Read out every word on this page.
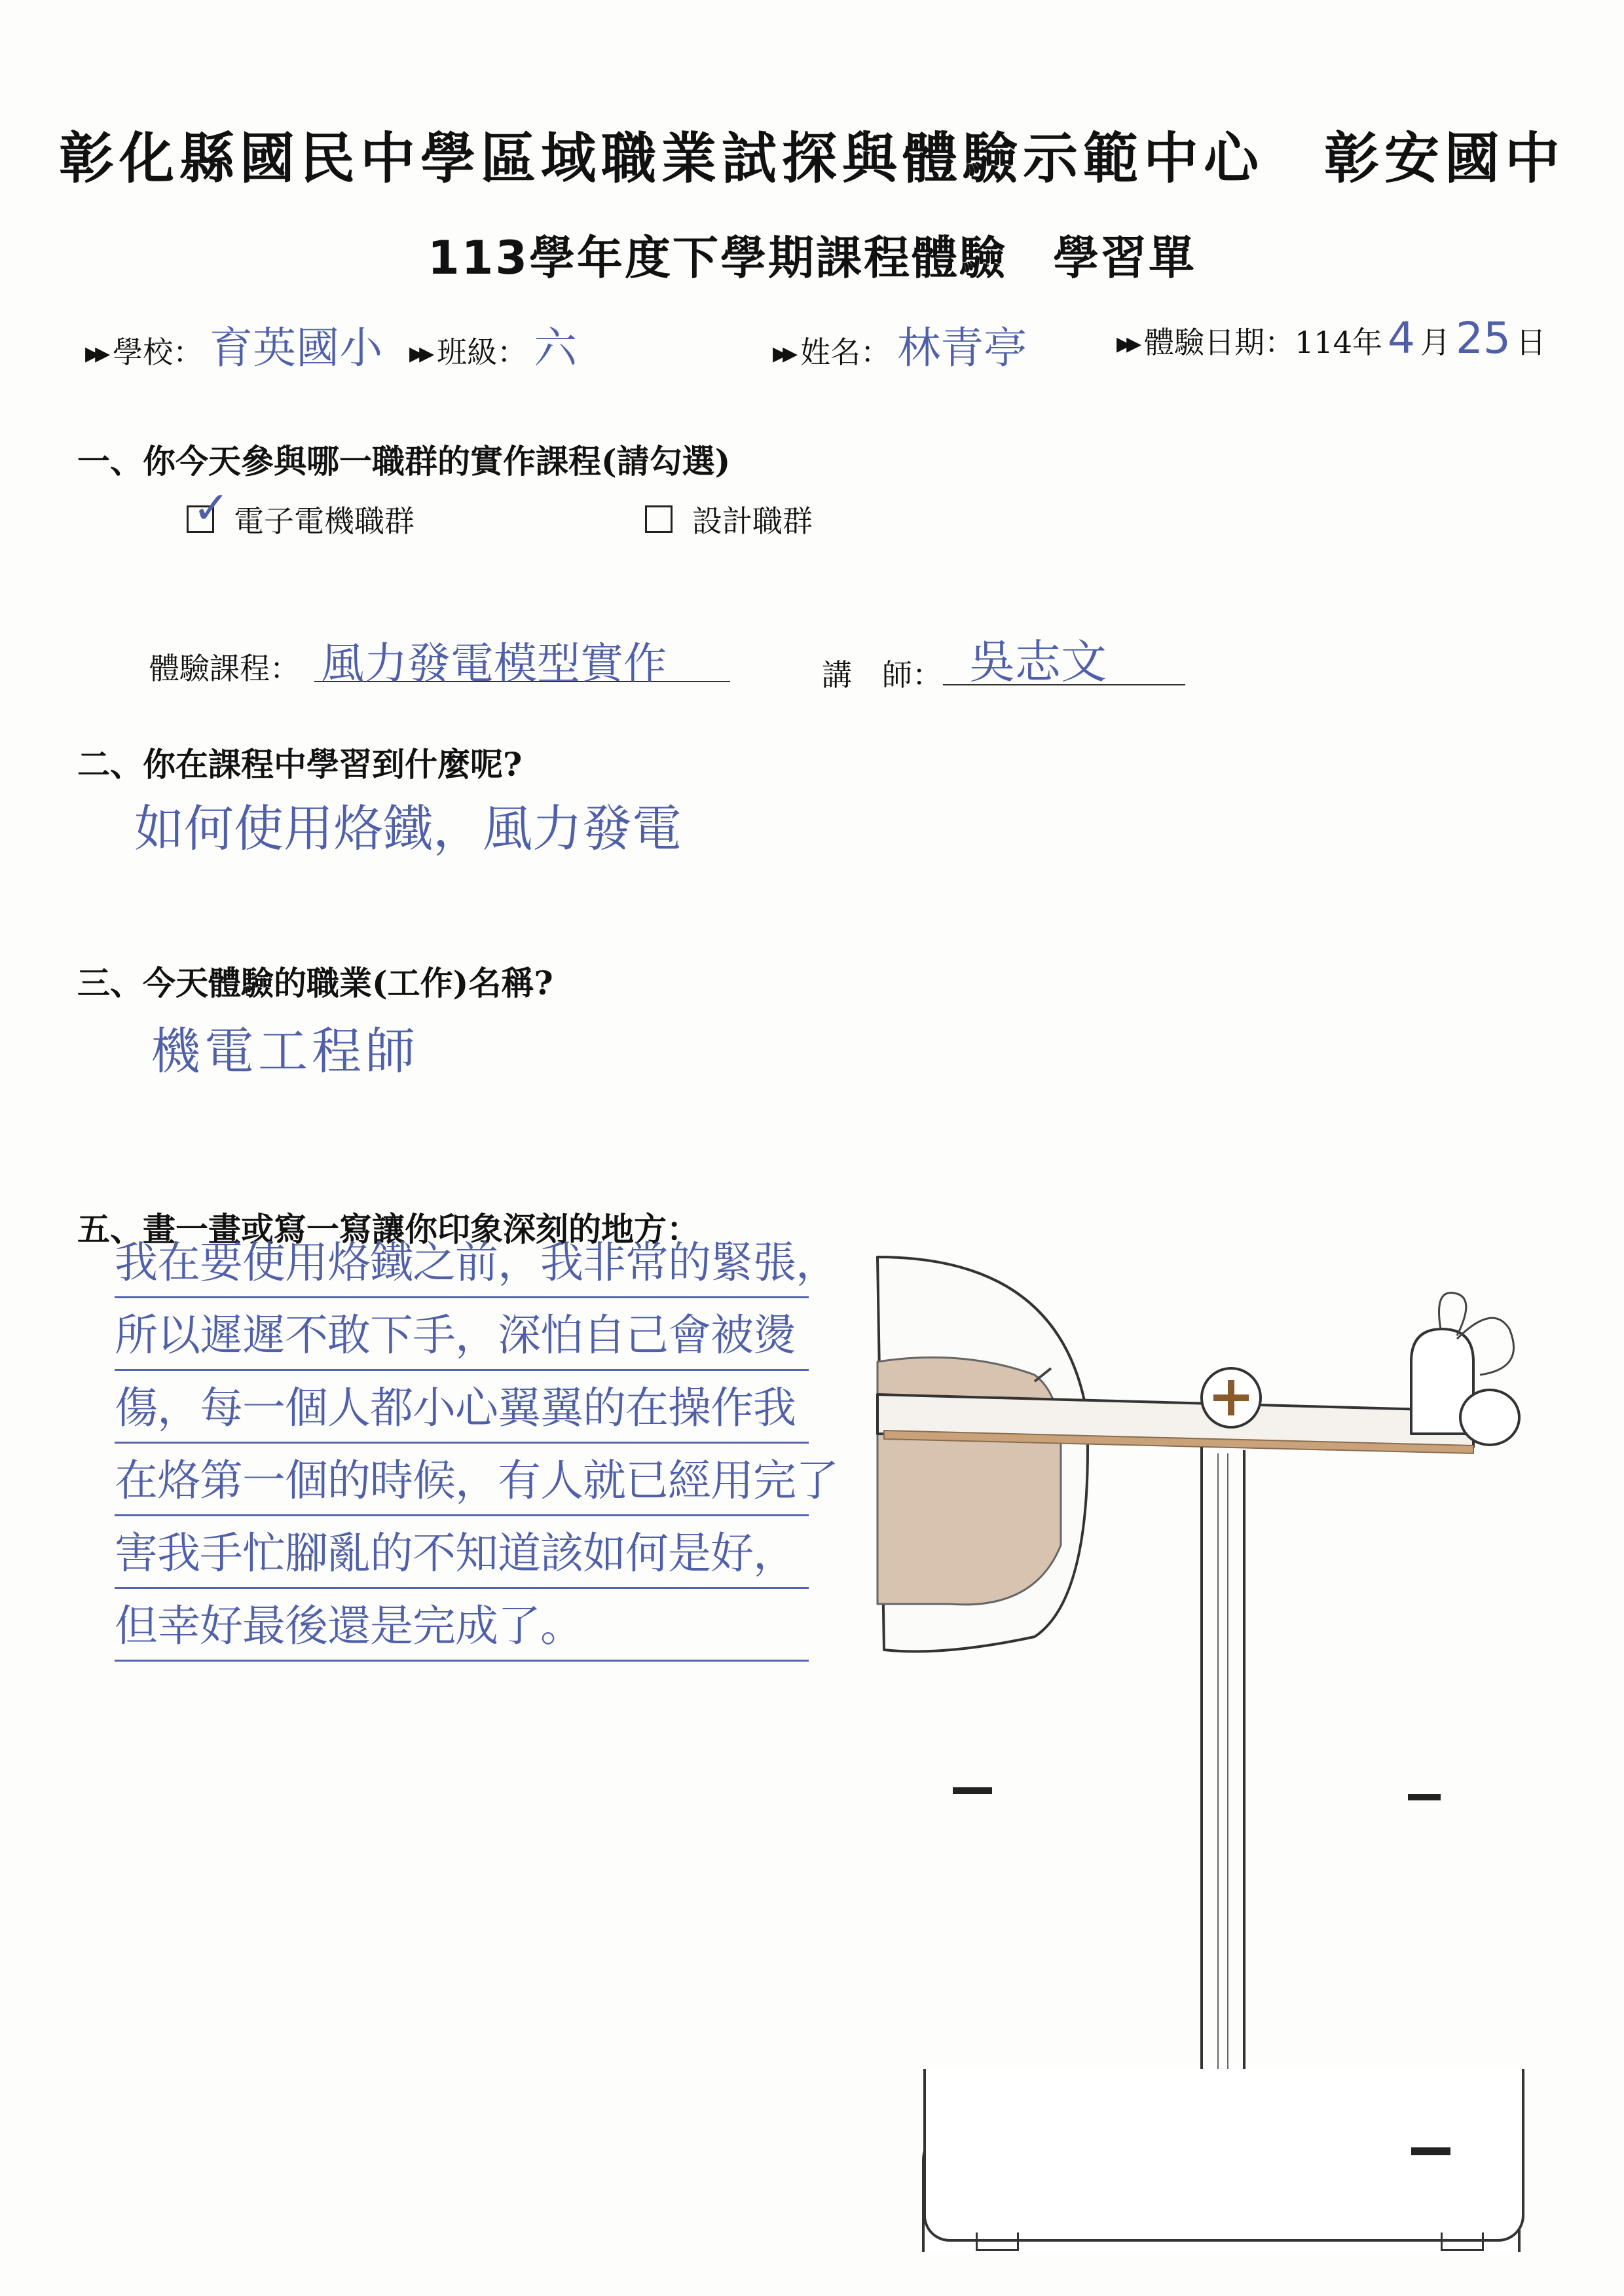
彰化縣國民中學區域職業試探與體驗示範中心　彰安國中
113學年度下學期課程體驗 學習單
▶▶ 學校： 育英國小 ▶▶ 班級： 六	▶▶ 姓名： 林青亭	▶▶ 體驗日期： 114年 4 月 25 日
一、你今天參與哪一職群的實作課程(請勾選)
✓ 電子電機職群	設計職群
體驗課程： 風力發電模型實作	講　師： 吳志文
二、你在課程中學習到什麼呢?
如何使用烙鐵，風力發電
三、今天體驗的職業(工作)名稱?
機電工程師
五、畫一畫或寫一寫讓你印象深刻的地方：
我在要使用烙鐵之前，我非常的緊張，
所以遲遲不敢下手，深怕自己會被燙
傷，每一個人都小心翼翼的在操作我
在烙第一個的時候，有人就已經用完了
害我手忙腳亂的不知道該如何是好，
但幸好最後還是完成了。
